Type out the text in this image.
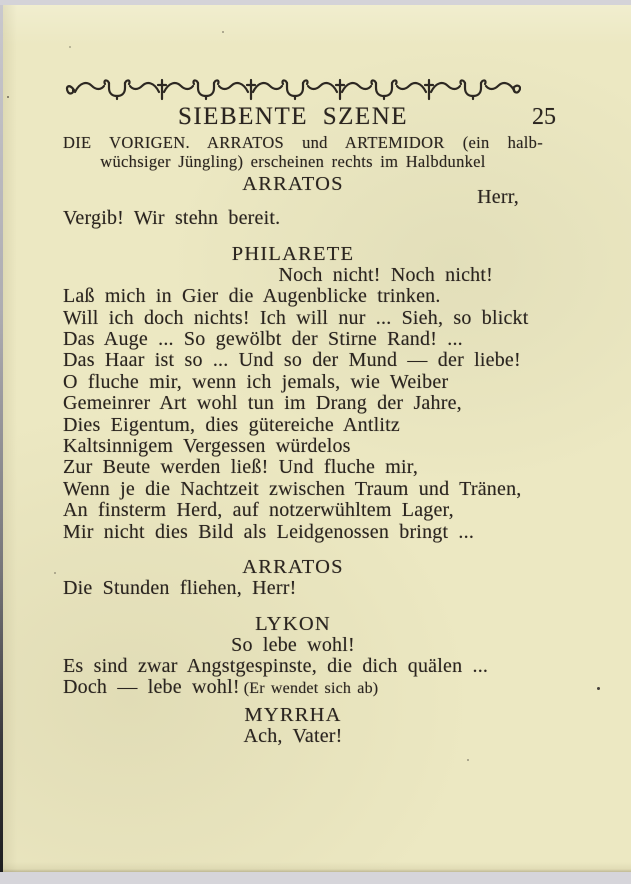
SIEBENTE SZENE	25
DIE VORIGEN. ARRATOS und ARTEMIDOR (ein halb-
wüchsiger Jüngling) erscheinen rechts im Halbdunkel
ARRATOS
Herr,
Vergib! Wir stehn bereit.
PHILARETE
Noch nicht! Noch nicht!
Laß mich in Gier die Augenblicke trinken.
Will ich doch nichts! Ich will nur ... Sieh, so blickt
Das Auge ... So gewölbt der Stirne Rand! ...
Das Haar ist so ... Und so der Mund — der liebe!
O fluche mir, wenn ich jemals, wie Weiber
Gemeinrer Art wohl tun im Drang der Jahre,
Dies Eigentum, dies gütereiche Antlitz
Kaltsinnigem Vergessen würdelos
Zur Beute werden ließ! Und fluche mir,
Wenn je die Nachtzeit zwischen Traum und Tränen,
An finsterm Herd, auf notzerwühltem Lager,
Mir nicht dies Bild als Leidgenossen bringt ...
ARRATOS
Die Stunden fliehen, Herr!
LYKON
So lebe wohl!
Es sind zwar Angstgespinste, die dich quälen ...
Doch — lebe wohl! (Er wendet sich ab)
MYRRHA
Ach, Vater!
